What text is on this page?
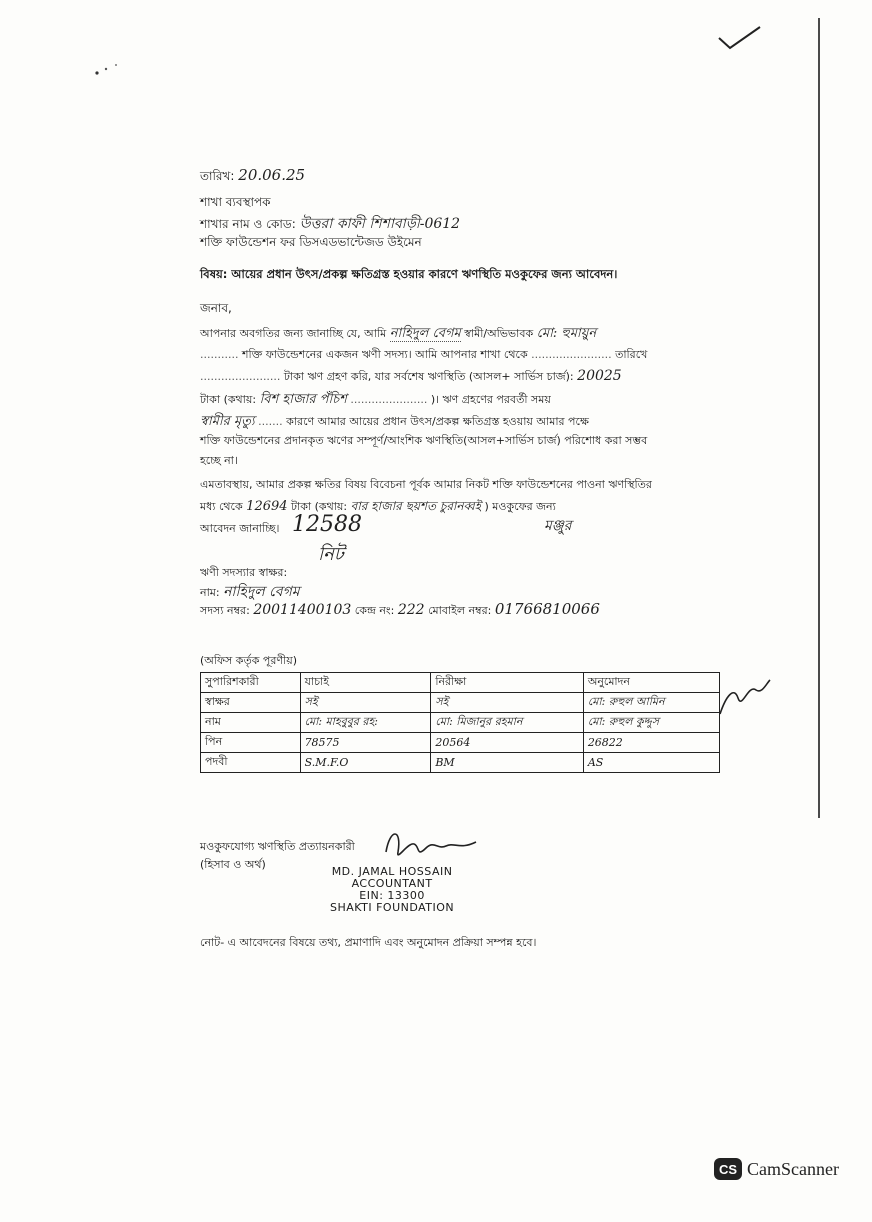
তারিখ: 20.06.25
শাখা ব্যবস্থাপক
শাখার নাম ও কোড: উত্তরা কাফী শিশাবাড়ী-0612
শক্তি ফাউন্ডেশন ফর ডিসএডভান্টেজড উইমেন
বিষয়: আয়ের প্রধান উৎস/প্রকল্প ক্ষতিগ্রস্ত হওয়ার কারণে ঋণস্থিতি মওকুফের জন্য আবেদন।
জনাব,
আপনার অবগতির জন্য জানাচ্ছি যে, আমি নাহিদুল বেগম স্বামী/অভিভাবক মো: হুমায়ুন
........... শক্তি ফাউন্ডেশনের একজন ঋণী সদস্য। আমি আপনার শাখা থেকে ....................... তারিখে
....................... টাকা ঋণ গ্রহণ করি, যার সর্বশেষ ঋণস্থিতি (আসল+ সার্ভিস চার্জ): 20025
টাকা (কথায়: বিশ হাজার পঁচিশ ...................... )। ঋণ গ্রহণের পরবর্তী সময়
স্বামীর মৃত্যু ....... কারণে আমার আয়ের প্রধান উৎস/প্রকল্প ক্ষতিগ্রস্ত হওয়ায় আমার পক্ষে
শক্তি ফাউন্ডেশনের প্রদানকৃত ঋণের সম্পূর্ণ/আংশিক ঋণস্থিতি(আসল+সার্ভিস চার্জ) পরিশোধ করা সম্ভব
হচ্ছে না।
এমতাবস্থায়, আমার প্রকল্প ক্ষতির বিষয় বিবেচনা পূর্বক আমার নিকট শক্তি ফাউন্ডেশনের পাওনা ঋণস্থিতির
মধ্য থেকে 12694 টাকা (কথায়: বার হাজার ছয়শত চুরানব্বই ) মওকুফের জন্য
আবেদন জানাচ্ছি। 12588
নিট
মঞ্জুর
ঋণী সদস্যার স্বাক্ষর:
নাম: নাহিদুল বেগম
সদস্য নম্বর: 20011400103 কেন্দ্র নং: 222 মোবাইল নম্বর: 01766810066
(অফিস কর্তৃক পূরণীয়)
সুপারিশকারী	যাচাই	নিরীক্ষা	অনুমোদন
স্বাক্ষর	সই	সই	মো: রুহুল আমিন
নাম	মো: মাহবুবুর রহ:	মো: মিজানুর রহমান	মো: রুহুল কুদ্দুস
পিন	78575	20564	26822
পদবী	S.M.F.O	BM	AS
মওকুফযোগ্য ঋণস্থিতি প্রত্যায়নকারী
(হিসাব ও অর্থ)
MD. JAMAL HOSSAIN
ACCOUNTANT
EIN: 13300
SHAKTI FOUNDATION
নোট- এ আবেদনের বিষয়ে তথ্য, প্রমাণাদি এবং অনুমোদন প্রক্রিয়া সম্পন্ন হবে।
CS CamScanner
